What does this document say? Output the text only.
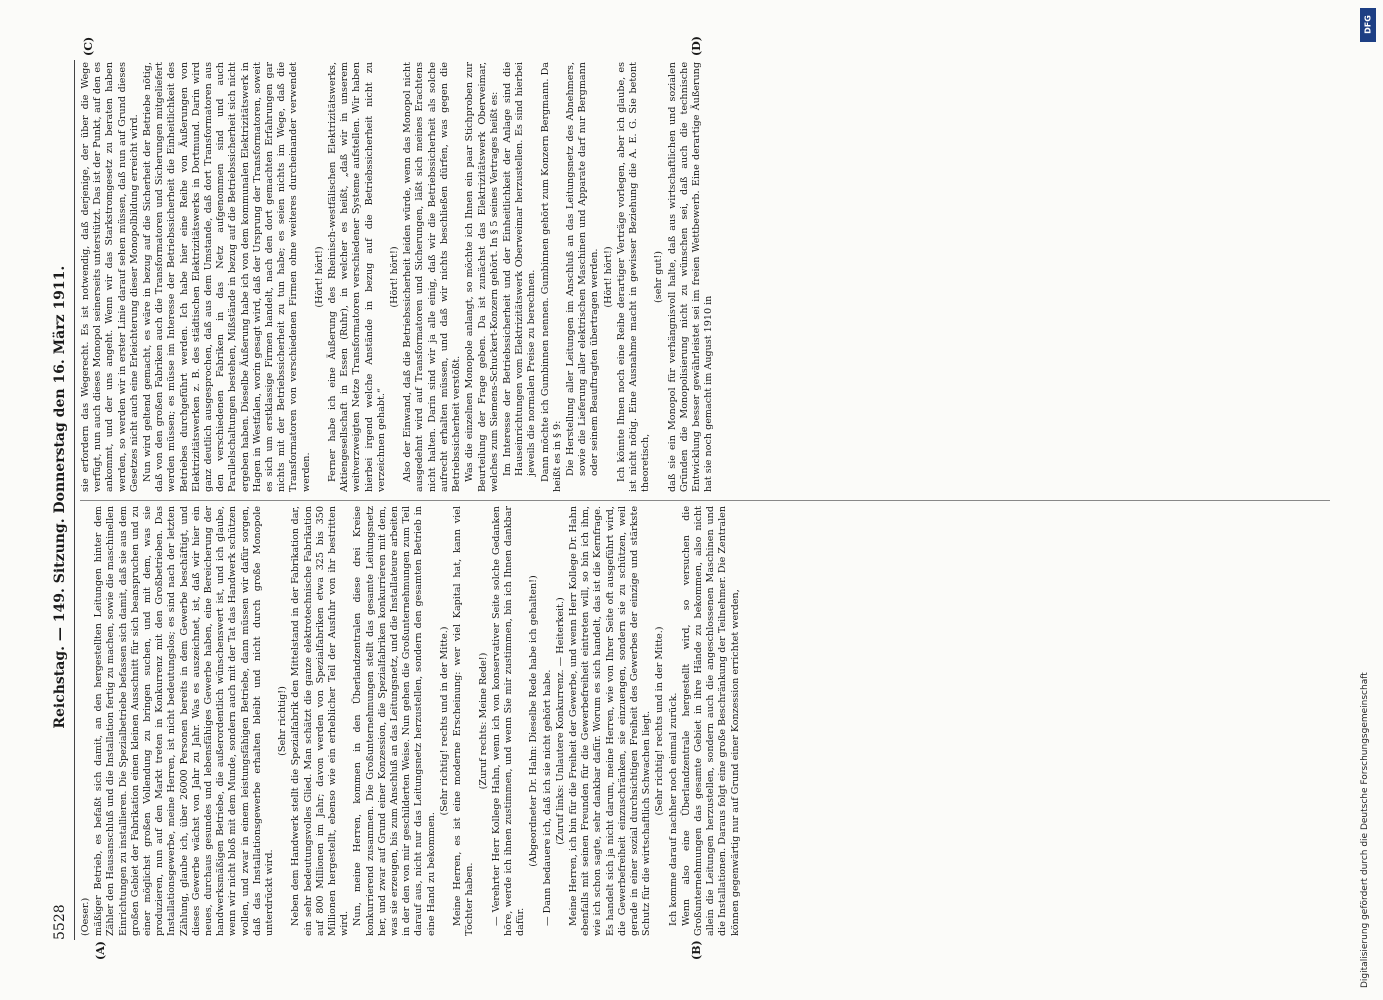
5528
Reichstag. — 149. Sitzung. Donnerstag den 16. März 1911.
(A)	(B)
(C)	(D)

(Oeser.) mäßiger Betrieb, es befaßt sich damit, an den hergestellten Leitungen hinter dem Zähler den Hausanschluß und die Installation fertig zu machen, sowie die maschinellen Einrichtungen zu installieren. Die Spezialbetriebe befassen sich damit, daß sie aus dem großen Gebiet der Fabrikation einen kleinen Ausschnitt für sich beanspruchen und zu einer möglichst großen Vollendung zu bringen suchen, und mit dem, was sie produzieren, nun auf den Markt treten in Konkurrenz mit den Großbetrieben. Das Installationsgewerbe, meine Herren, ist nicht bedeutungslos; es sind nach der letzten Zählung, glaube ich, über 26000 Personen bereits in dem Gewerbe beschäftigt, und dieses Gewerbe wächst von Jahr zu Jahr. Was es auszeichnet, ist, daß wir hier ein neues, durchaus gesundes und lebensfähiges Gewerbe haben, eine Bereicherung der handwerksmäßigen Betriebe, die außerordentlich wünschenswert ist, und ich glaube, wenn wir nicht bloß mit dem Munde, sondern auch mit der Tat das Handwerk schützen wollen, und zwar in einem leistungsfähigen Betriebe, dann müssen wir dafür sorgen, daß das Installationsgewerbe erhalten bleibt und nicht durch große Monopole unterdrückt wird.

(Sehr richtig!) Neben dem Handwerk stellt die Spezialfabrik den Mittelstand in der Fabrikation dar, ein sehr bedeutungsvolles Glied. Man schätzt die ganze elektrotechnische Fabrikation auf 800 Millionen im Jahr; davon werden von Spezialfabriken etwa 325 bis 350 Millionen hergestellt, ebenso wie ein erheblicher Teil der Ausfuhr von ihr bestritten wird. Nun, meine Herren, kommen in den Überlandzentralen diese drei Kreise konkurrierend zusammen. Die Großunternehmungen stellt das gesamte Leitungsnetz her, und zwar auf Grund einer Konzession, die Spezialfabriken konkurrieren mit dem, was sie erzeugen, bis zum Anschluß an das Leitungsnetz, und die Installateure arbeiten in der den von mir geschilderten Weise. Nun gehen die Großunternehmungen zum Teil darauf aus, nicht nur das Leitungsnetz herzustellen, sondern den gesamten Betrieb in eine Hand zu bekommen.

(Sehr richtig! rechts und in der Mitte.) Meine Herren, es ist eine moderne Erscheinung: wer viel Kapital hat, kann viel Töchter haben.

(Zuruf rechts: Meine Rede!) — Verehrter Herr Kollege Hahn, wenn ich von konservativer Seite solche Gedanken höre, werde ich ihnen zustimmen, und wenn Sie mir zustimmen, bin ich Ihnen dankbar dafür.

(Abgeordneter Dr. Hahn: Dieselbe Rede habe ich gehalten!) — Dann bedauere ich, daß ich sie nicht gehört habe. (Zuruf links: Unlautere Konkurrenz. — Heiterkeit.) Meine Herren, ich bin für die Freiheit der Gewerbe, und wenn Herr Kollege Dr. Hahn ebenfalls mit seinen Freunden für die Gewerbefreiheit eintreten will, so bin ich ihm, wie ich schon sagte, sehr dankbar dafür. Worum es sich handelt, das ist die Kernfrage. Es handelt sich ja nicht darum, meine Herren, wie von Ihrer Seite oft ausgeführt wird, die Gewerbefreiheit einzuschränken, sie einzuengen, sondern sie zu schützen, weil gerade in einer sozial durchsichtigen Freiheit des Gewerbes der einzige und stärkste Schutz für die wirtschaftlich Schwachen liegt. (Sehr richtig! rechts und in der Mitte.) Ich komme darauf nachher noch einmal zurück. Wenn also eine Überlandzentrale hergestellt wird, so versuchen die Großunternehmungen das gesamte Gebiet in ihre Hände zu bekommen, also nicht allein die Leitungen herzustellen, sondern auch die angeschlossenen Maschinen und die Installationen. Daraus folgt eine große Beschränkung der Teilnehmer. Die Zentralen können gegenwärtig nur auf Grund einer Konzession errichtet werden,

sie erfordern das Wegerecht. Es ist notwendig, daß derjenige, der über die Wege verfügt, nun auch dieses Monopol seinerseits unterstützt. Das ist der Punkt, auf den es ankommt, und der uns angeht. Wenn wir das Starkstromgesetz zu beraten haben werden, so werden wir in erster Linie darauf sehen müssen, daß nun auf Grund dieses Gesetzes nicht auch eine Erleichterung dieser Monopolbildung erreicht wird. Nun wird geltend gemacht, es wäre in bezug auf die Sicherheit der Betriebe nötig, daß von den großen Fabriken auch die Transformatoren und Sicherungen mitgeliefert werden müssen; es müsse im Interesse der Betriebssicherheit die Einheitlichkeit des Betriebes durchgeführt werden. Ich habe hier eine Reihe von Äußerungen von Elektrizitätswerken z. B. des städtischen Elektrizitätswerks in Dortmund. Darin wird ganz deutlich ausgesprochen, daß aus dem Umstande, daß dort Transformatoren aus den verschiedenen Fabriken in das Netz aufgenommen sind und auch Parallelschaltungen bestehen, Mißstände in bezug auf die Betriebssicherheit sich nicht ergeben haben. Dieselbe Äußerung habe ich von dem kommunalen Elektrizitätswerk in Hagen in Westfalen, worin gesagt wird, daß der Ursprung der Transformatoren, soweit es sich um erstklassige Firmen handelt, nach den dort gemachten Erfahrungen gar nichts mit der Betriebssicherheit zu tun habe; es seien nichts im Wege, daß die Transformatoren von verschiedenen Firmen ohne weiteres durcheinander verwendet werden.

(Hört! hört!) Ferner habe ich eine Äußerung des Rheinisch-westfälischen Elektrizitätswerks, Aktiengesellschaft in Essen (Ruhr), in welcher es heißt, „daß wir in unserem weitverzweigten Netze Transformatoren verschiedener Systeme aufstellen. Wir haben hierbei irgend welche Anstände in bezug auf die Betriebssicherheit nicht zu verzeichnen gehabt.“

(Hört! hört!) Also der Einwand, daß die Betriebssicherheit leiden würde, wenn das Monopol nicht ausgedehnt wird auf Transformatoren und Sicherungen, läßt sich meines Erachtens nicht halten. Darin sind wir ja alle einig, daß wir die Betriebssicherheit als solche aufrecht erhalten müssen, und daß wir nichts beschließen dürfen, was gegen die Betriebssicherheit verstößt. Was die einzelnen Monopole anlangt, so möchte ich Ihnen ein paar Stichproben zur Beurteilung der Frage geben. Da ist zunächst das Elektrizitätswerk Oberweimar, welches zum Siemens-Schuckert-Konzern gehört. In § 5 seines Vertrages heißt es: Im Interesse der Betriebssicherheit und der Einheitlichkeit der Anlage sind die Hauseinrichtungen vom Elektrizitätswerk Oberweimar herzustellen. Es sind hierbei jeweils die normalen Preise zu berechnen. Dann möchte ich Gumbinnen nennen. Gumbinnen gehört zum Konzern Bergmann. Da heißt es in § 9: Die Herstellung aller Leitungen im Anschluß an das Leitungsnetz des Abnehmers, sowie die Lieferung aller elektrischen Maschinen und Apparate darf nur Bergmann oder seinem Beauftragten übertragen werden. (Hört! hört!) Ich könnte Ihnen noch eine Reihe derartiger Verträge vorlegen, aber ich glaube, es ist nicht nötig. Eine Ausnahme macht in gewisser Beziehung die A. E. G. Sie betont theoretisch,

(sehr gut!) daß sie ein Monopol für verhängnisvoll halte, daß aus wirtschaftlichen und sozialen Gründen die Monopolisierung nicht zu wünschen sei, daß auch die technische Entwicklung besser gewährleistet sei im freien Wettbewerb. Eine derartige Äußerung hat sie noch gemacht im August 1910 in

Digitalisierung gefördert durch die Deutsche Forschungsgemeinschaft
DFG
